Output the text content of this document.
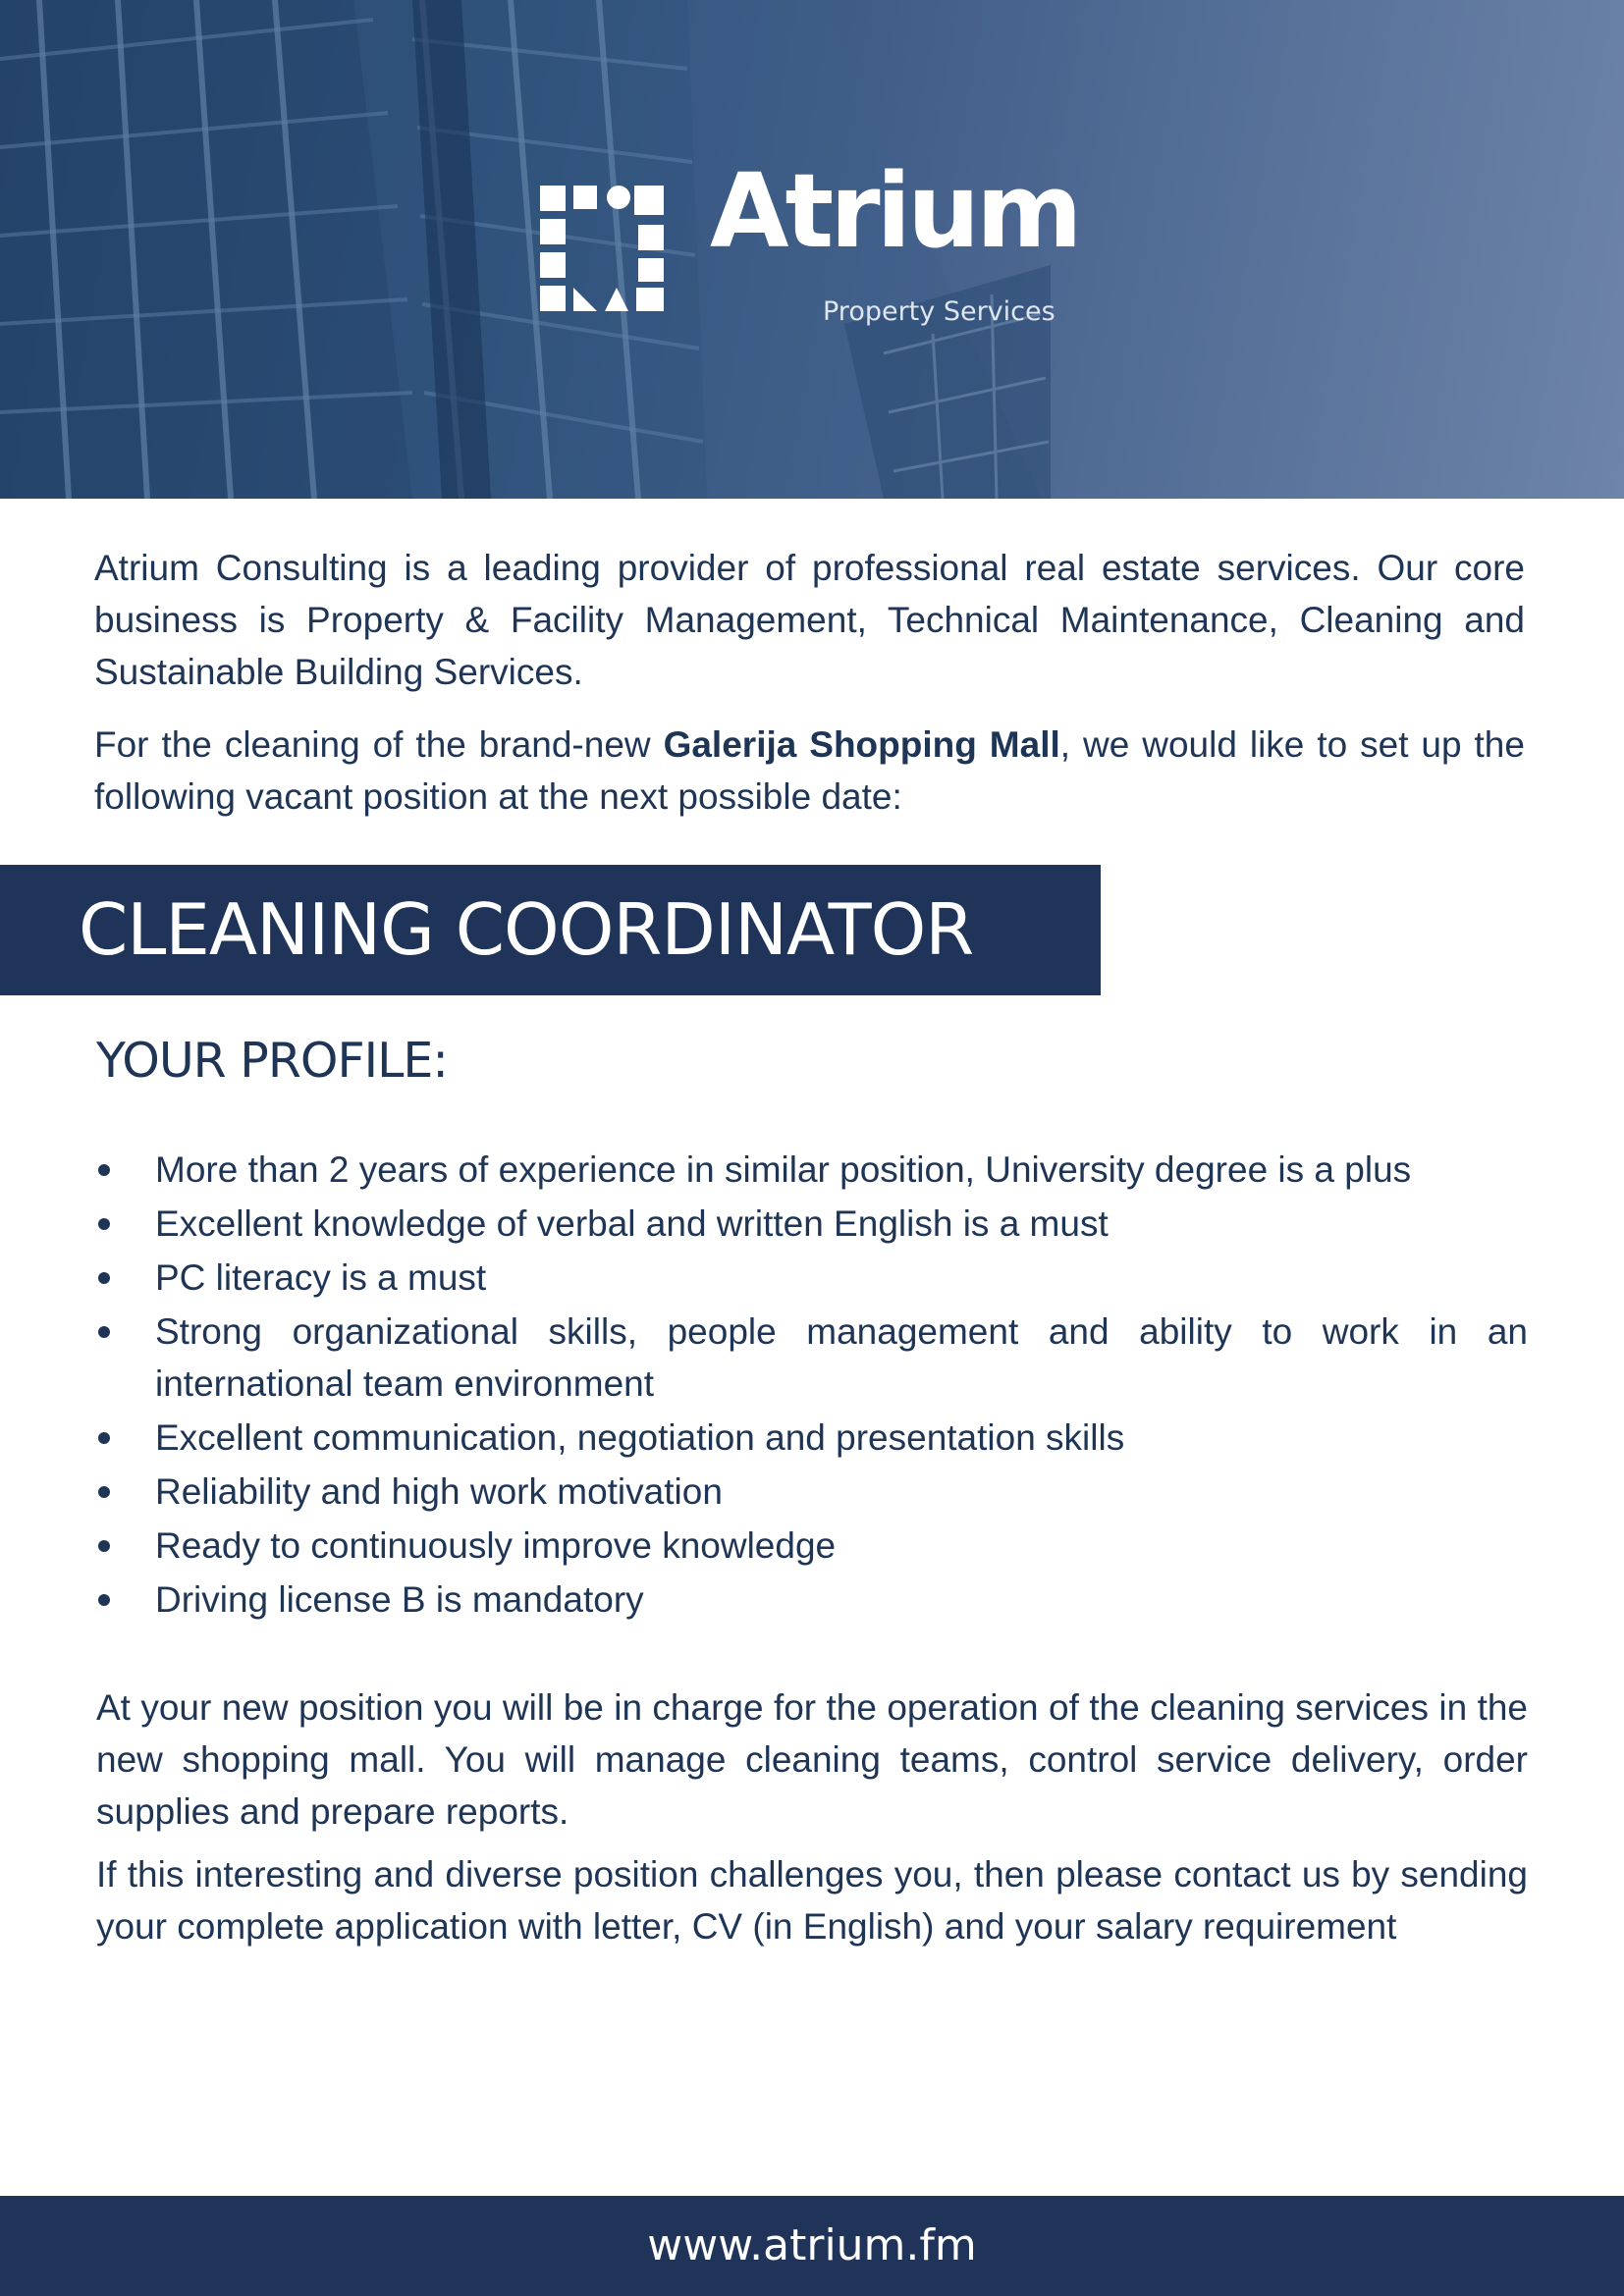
Atrium
Property Services

Atrium Consulting is a leading provider of professional real estate services. Our core business is Property & Facility Management, Technical Maintenance, Cleaning and Sustainable Building Services.

For the cleaning of the brand-new Galerija Shopping Mall, we would like to set up the following vacant position at the next possible date:

CLEANING COORDINATOR
YOUR PROFILE:
More than 2 years of experience in similar position, University degree is a plus
Excellent knowledge of verbal and written English is a must
PC literacy is a must
Strong organizational skills, people management and ability to work in an international team environment
Excellent communication, negotiation and presentation skills
Reliability and high work motivation
Ready to continuously improve knowledge
Driving license B is mandatory

At your new position you will be in charge for the operation of the cleaning services in the new shopping mall. You will manage cleaning teams, control service delivery, order supplies and prepare reports.

If this interesting and diverse position challenges you, then please contact us by sending your complete application with letter, CV (in English) and your salary requirement

www.atrium.fm
